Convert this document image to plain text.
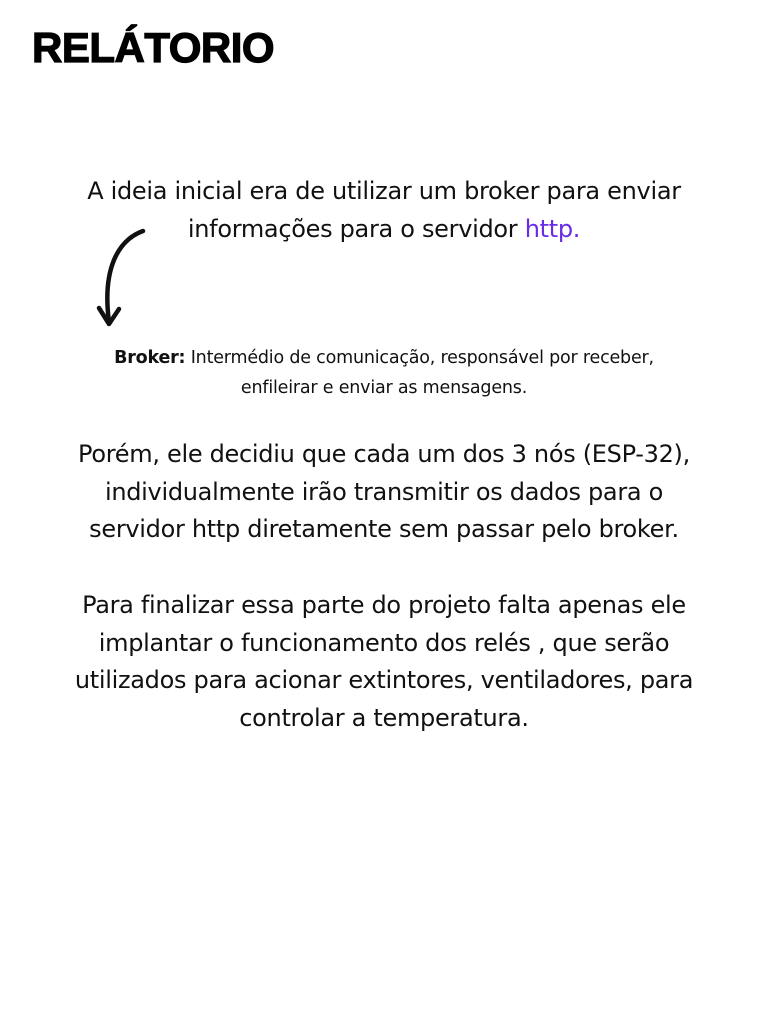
RELÁTORIO

A ideia inicial era de utilizar um broker para enviar
informações para o servidor http.

Broker: Intermédio de comunicação, responsável por receber,
enfileirar e enviar as mensagens.

Porém, ele decidiu que cada um dos 3 nós (ESP-32),
individualmente irão transmitir os dados para o
servidor http diretamente sem passar pelo broker.

Para finalizar essa parte do projeto falta apenas ele
implantar o funcionamento dos relés , que serão
utilizados para acionar extintores, ventiladores, para
controlar a temperatura.
